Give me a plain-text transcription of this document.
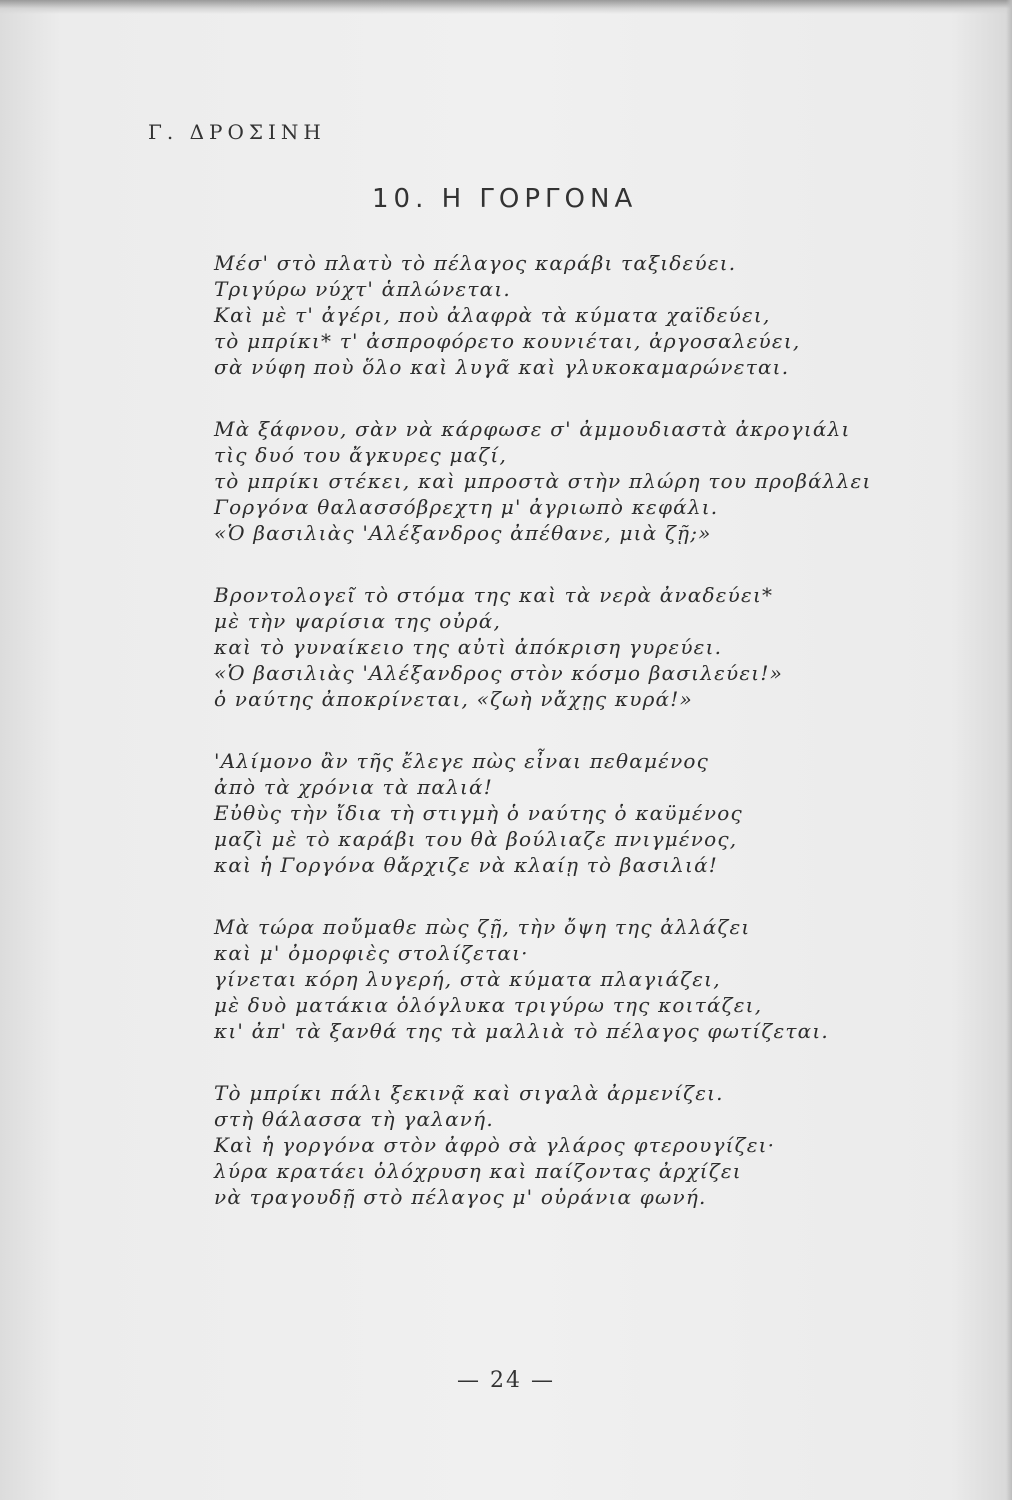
Γ. ΔΡΟΣΙΝΗ
10. Η ΓΟΡΓΟΝΑ
Μέσ' στὸ πλατὺ τὸ πέλαγος καράβι ταξιδεύει.
Τριγύρω νύχτ' ἁπλώνεται.
Καὶ μὲ τ' ἀγέρι, ποὺ ἀλαφρὰ τὰ κύματα χαϊδεύει,
τὸ μπρίκι* τ' ἀσπροφόρετο κουνιέται, ἀργοσαλεύει,
σὰ νύφη ποὺ ὅλο καὶ λυγᾶ καὶ γλυκοκαμαρώνεται.
Μὰ ξάφνου, σὰν νὰ κάρφωσε σ' ἀμμουδιαστὰ ἀκρογιάλι
τὶς δυό του ἄγκυρες μαζί,
τὸ μπρίκι στέκει, καὶ μπροστὰ στὴν πλώρη του προβάλλει
Γοργόνα θαλασσόβρεχτη μ' ἀγριωπὸ κεφάλι.
«Ὁ βασιλιὰς 'Αλέξανδρος ἀπέθανε, μιὰ ζῇ;»
Βροντολογεῖ τὸ στόμα της καὶ τὰ νερὰ ἀναδεύει*
μὲ τὴν ψαρίσια της οὐρά,
καὶ τὸ γυναίκειο της αὐτὶ ἀπόκριση γυρεύει.
«Ὁ βασιλιὰς 'Αλέξανδρος στὸν κόσμο βασιλεύει!»
ὁ ναύτης ἀποκρίνεται, «ζωὴ νἄχῃς κυρά!»
'Αλίμονο ἂν τῆς ἔλεγε πὼς εἶναι πεθαμένος
ἀπὸ τὰ χρόνια τὰ παλιά!
Εὐθὺς τὴν ἴδια τὴ στιγμὴ ὁ ναύτης ὁ καϋμένος
μαζὶ μὲ τὸ καράβι του θὰ βούλιαζε πνιγμένος,
καὶ ἡ Γοργόνα θἄρχιζε νὰ κλαίῃ τὸ βασιλιά!
Μὰ τώρα ποὔμαθε πὼς ζῇ, τὴν ὄψη της ἀλλάζει
καὶ μ' ὀμορφιὲς στολίζεται·
γίνεται κόρη λυγερή, στὰ κύματα πλαγιάζει,
μὲ δυὸ ματάκια ὁλόγλυκα τριγύρω της κοιτάζει,
κι' ἀπ' τὰ ξανθά της τὰ μαλλιὰ τὸ πέλαγος φωτίζεται.
Τὸ μπρίκι πάλι ξεκινᾷ καὶ σιγαλὰ ἀρμενίζει.
στὴ θάλασσα τὴ γαλανή.
Καὶ ἡ γοργόνα στὸν ἀφρὸ σὰ γλάρος φτερουγίζει·
λύρα κρατάει ὁλόχρυση καὶ παίζοντας ἀρχίζει
νὰ τραγουδῇ στὸ πέλαγος μ' οὐράνια φωνή.
— 24 —
